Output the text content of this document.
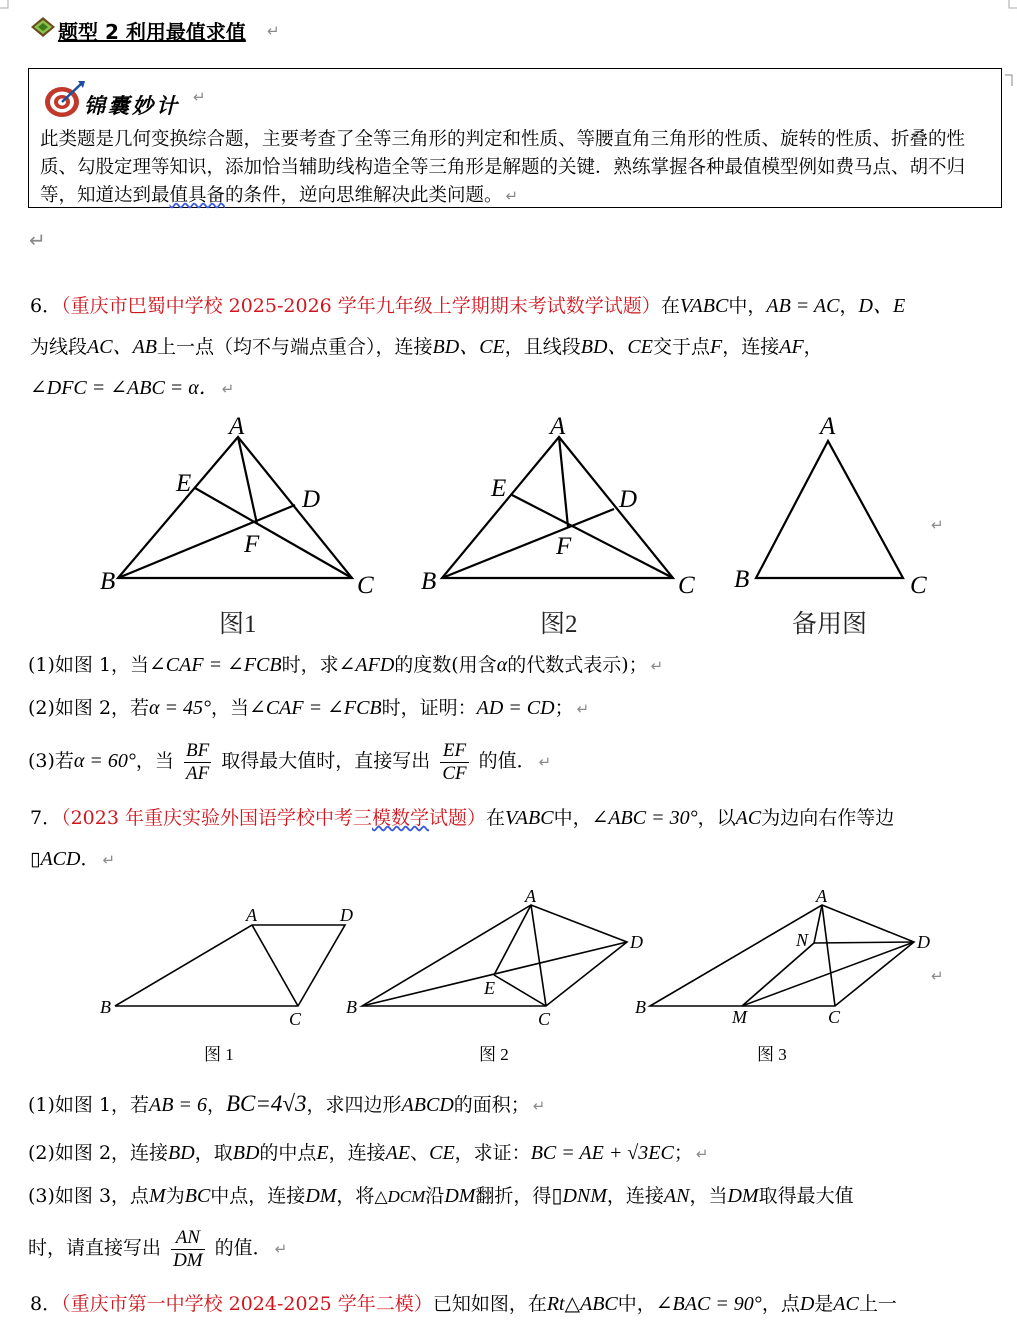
题型 2 利用最值求值 ↵
锦囊妙计 ↵
此类题是几何变换综合题，主要考查了全等三角形的判定和性质、等腰直角三角形的性质、旋转的性质、折叠的性质、勾股定理等知识，添加恰当辅助线构造全等三角形是解题的关键．熟练掌握各种最值模型例如费马点、胡不归等，知道达到最值具备的条件，逆向思维解决此类问题。 ↵
↵
6．（重庆市巴蜀中学校 2025-2026 学年九年级上学期期末考试数学试题）在VABC中，AB = AC，D、E
为线段AC、AB上一点（均不与端点重合），连接BD、CE，且线段BD、CE交于点F，连接AF，
∠DFC = ∠ABC = α． ↵
A
E
D
F
B	C
A
E	D
F
B	C
A
B	C
图1	图2	备用图
↵
(1)如图 1，当∠CAF = ∠FCB时，求∠AFD的度数(用含α的代数式表示)； ↵
(2)如图 2，若α = 45°，当∠CAF = ∠FCB时，证明：AD = CD； ↵
(3)若α = 60°，当 $\frac{BF}{AF}$ 取得最大值时，直接写出 $\frac{EF}{CF}$ 的值． ↵
7．（2023 年重庆实验外国语学校中考三模数学试题）在VABC中，∠ABC = 30°，以AC为边向右作等边
▯ACD． ↵
A	D
B
C
A
D
E
B
C
A
D
N
B	M	C
图 1	图 2	图 3
↵
(1)如图 1，若AB = 6，BC=4√3，求四边形ABCD的面积； ↵
(2)如图 2，连接BD，取BD的中点E，连接AE、CE，求证：BC = AE + √3EC； ↵
(3)如图 3，点M为BC中点，连接DM，将△DCM沿DM翻折，得▯DNM，连接AN，当DM取得最大值
时，请直接写出 $\frac{AN}{DM}$ 的值． ↵
8．（重庆市第一中学校 2024-2025 学年二模）已知如图，在Rt△ABC中，∠BAC = 90°，点D是AC上一
